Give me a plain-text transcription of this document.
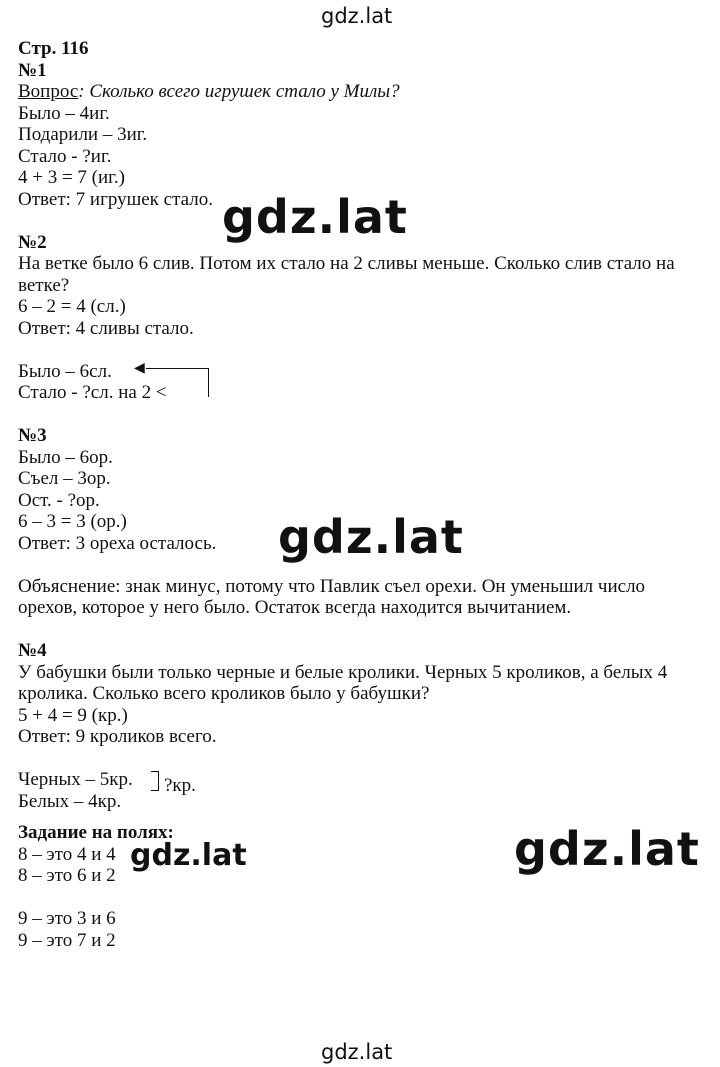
gdz.lat
gdz.lat
gdz.lat
gdz.lat	gdz.lat
gdz.lat
Стр. 116
№1
Вопрос: Сколько всего игрушек стало у Милы?
Было – 4иг.
Подарили – 3иг.
Стало - ?иг.
4 + 3 = 7 (иг.)
Ответ: 7 игрушек стало.
№2
На ветке было 6 слив. Потом их стало на 2 сливы меньше. Сколько слив стало на ветке?
6 – 2 = 4 (сл.)
Ответ: 4 сливы стало.
◀
Было – 6сл.
Стало - ?сл. на 2 <
№3
Было – 6ор.
Съел – 3ор.
Ост. - ?ор.
6 – 3 = 3 (ор.)
Ответ: 3 ореха осталось.
Объяснение: знак минус, потому что Павлик съел орехи. Он уменьшил число орехов, которое у него было. Остаток всегда находится вычитанием.
№4
У бабушки были только черные и белые кролики. Черных 5 кроликов, а белых 4 кролика. Сколько всего кроликов было у бабушки?
5 + 4 = 9 (кр.)
Ответ: 9 кроликов всего.
?кр.
Черных – 5кр.
Белых – 4кр.
Задание на полях:
8 – это 4 и 4
8 – это 6 и 2
9 – это 3 и 6
9 – это 7 и 2
